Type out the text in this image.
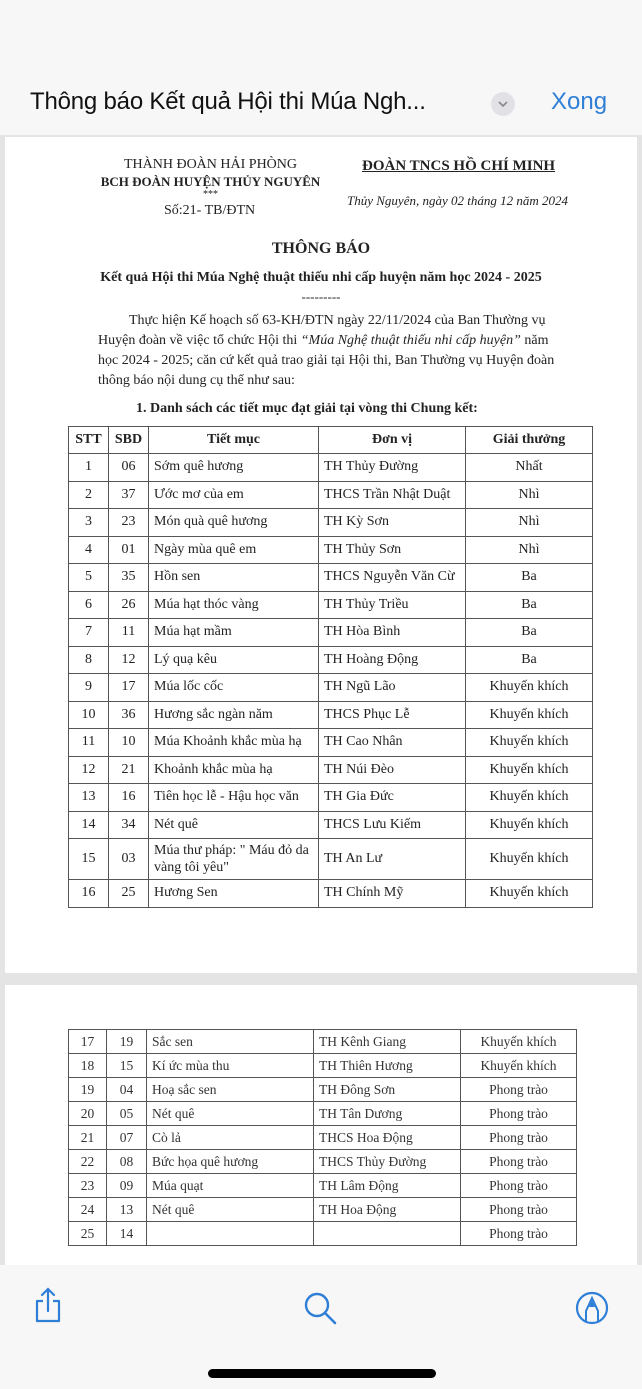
Thông báo Kết quả Hội thi Múa Ngh...	Xong
THÀNH ĐOÀN HẢI PHÒNG
BCH ĐOÀN HUYỆN THỦY NGUYÊN
***
Số:21- TB/ĐTN
ĐOÀN TNCS HỒ CHÍ MINH
Thủy Nguyên, ngày 02 tháng 12 năm 2024
THÔNG BÁO
Kết quả Hội thi Múa Nghệ thuật thiếu nhi cấp huyện năm học 2024 - 2025
---------
Thực hiện Kế hoạch số 63-KH/ĐTN ngày 22/11/2024 của Ban Thường vụ
Huyện đoàn về việc tổ chức Hội thi “Múa Nghệ thuật thiếu nhi cấp huyện” năm
học 2024 - 2025; căn cứ kết quả trao giải tại Hội thi, Ban Thường vụ Huyện đoàn
thông báo nội dung cụ thể như sau:
1. Danh sách các tiết mục đạt giải tại vòng thi Chung kết:
STT	SBD	Tiết mục	Đơn vị	Giải thưởng
1	06	Sớm quê hương	TH Thủy Đường	Nhất
2	37	Ước mơ của em	THCS Trần Nhật Duật	Nhì
3	23	Món quà quê hương	TH Kỳ Sơn	Nhì
4	01	Ngày mùa quê em	TH Thủy Sơn	Nhì
5	35	Hồn sen	THCS Nguyễn Văn Cừ	Ba
6	26	Múa hạt thóc vàng	TH Thủy Triều	Ba
7	11	Múa hạt mầm	TH Hòa Bình	Ba
8	12	Lý quạ kêu	TH Hoàng Động	Ba
9	17	Múa lốc cốc	TH Ngũ Lão	Khuyến khích
10	36	Hương sắc ngàn năm	THCS Phục Lễ	Khuyến khích
11	10	Múa Khoảnh khắc mùa hạ	TH Cao Nhân	Khuyến khích
12	21	Khoảnh khắc mùa hạ	TH Núi Đèo	Khuyến khích
13	16	Tiên học lễ - Hậu học văn	TH Gia Đức	Khuyến khích
14	34	Nét quê	THCS Lưu Kiếm	Khuyến khích
15	03	Múa thư pháp: " Máu đỏ da vàng tôi yêu"	TH An Lư	Khuyến khích
16	25	Hương Sen	TH Chính Mỹ	Khuyến khích
17	19	Sắc sen	TH Kênh Giang	Khuyến khích
18	15	Kí ức mùa thu	TH Thiên Hương	Khuyến khích
19	04	Hoạ sắc sen	TH Đông Sơn	Phong trào
20	05	Nét quê	TH Tân Dương	Phong trào
21	07	Cò lả	THCS Hoa Động	Phong trào
22	08	Bức họa quê hương	THCS Thủy Đường	Phong trào
23	09	Múa quạt	TH Lâm Động	Phong trào
24	13	Nét quê	TH Hoa Động	Phong trào
25	14			Phong trào
